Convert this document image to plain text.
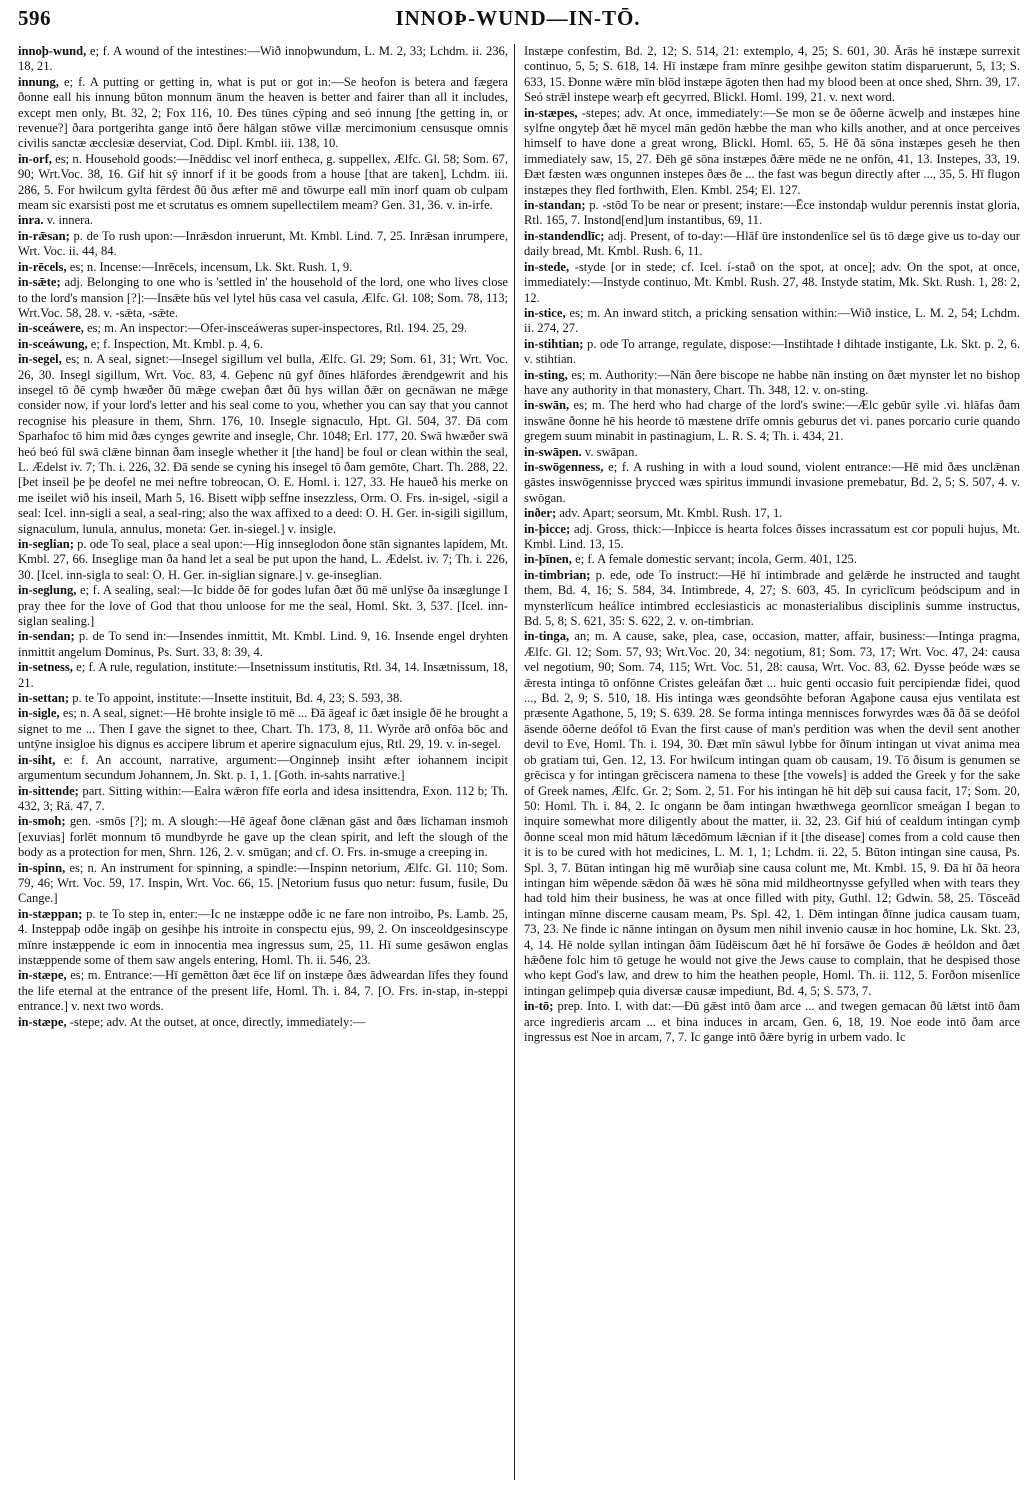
596	INNOÞ-WUND—IN-TŌ.

innoþ-wund, e; f. A wound of the intestines:—Wið innoþwundum, L. M. 2, 33; Lchdm. ii. 236, 18, 21.

innung, e; f. A putting or getting in, what is put or got in:—Se heofon is betera and fægera ðonne eall his innung būton monnum ānum the heaven is better and fairer than all it includes, except men only, Bt. 32, 2; Fox 116, 10. Ðes tūnes cȳping and seó innung [the getting in, or revenue?] ðara portgerihta gange intō ðere hālgan stōwe villæ mercimonium censusque omnis civilis sanctæ æcclesiæ deserviat, Cod. Dipl. Kmbl. iii. 138, 10.

in-orf, es; n. Household goods:—Inēddisc vel inorf entheca, g. suppellex, Ælfc. Gl. 58; Som. 67, 90; Wrt.Voc. 38, 16. Gif hit sȳ innorf if it be goods from a house [that are taken], Lchdm. iii. 286, 5. For hwilcum gylta fērdest ðū ðus æfter mē and tōwurpe eall mīn inorf quam ob culpam meam sic exarsisti post me et scrutatus es omnem supellectilem meam? Gen. 31, 36. v. in-irfe.

inra. v. innera.

in-rǣsan; p. de To rush upon:—Inrǣsdon inruerunt, Mt. Kmbl. Lind. 7, 25. Inrǣsan inrumpere, Wrt. Voc. ii. 44, 84.

in-rēcels, es; n. Incense:—Inrēcels, incensum, Lk. Skt. Rush. 1, 9.

in-sǣte; adj. Belonging to one who is 'settled in' the household of the lord, one who lives close to the lord's mansion [?]:—Insǣte hūs vel lytel hūs casa vel casula, Ælfc. Gl. 108; Som. 78, 113; Wrt.Voc. 58, 28. v. -sǣta, -sǣte.

in-sceáwere, es; m. An inspector:—Ofer-insceáweras super-inspectores, Rtl. 194. 25, 29.

in-sceáwung, e; f. Inspection, Mt. Kmbl. p. 4, 6.

in-segel, es; n. A seal, signet:—Insegel sigillum vel bulla, Ælfc. Gl. 29; Som. 61, 31; Wrt. Voc. 26, 30. Insegl sigillum, Wrt. Voc. 83, 4. Geþenc nū gyf ðīnes hlāfordes ǣrendgewrit and his insegel tō ðē cymþ hwæðer ðū mǣge cweþan ðæt ðū hys willan ðǣr on gecnāwan ne mǣge consider now, if your lord's letter and his seal come to you, whether you can say that you cannot recognise his pleasure in them, Shrn. 176, 10. Insegle signaculo, Hpt. Gl. 504, 37. Ðā com Sparhafoc tō him mid ðæs cynges gewrite and insegle, Chr. 1048; Erl. 177, 20. Swā hwæðer swā heó beó fūl swā clǣne binnan ðam insegle whether it [the hand] be foul or clean within the seal, L. Ædelst iv. 7; Th. i. 226, 32. Ðā sende se cyning his insegel tō ðam gemōte, Chart. Th. 288, 22. [Þet inseil þe þe deofel ne mei neftre tobreocan, O. E. Homl. i. 127, 33. He haueð his merke on me iseilet wið his inseil, Marh 5, 16. Bisett wiþþ seffne insezzless, Orm. O. Frs. in-sigel, -sigil a seal: Icel. inn-sigli a seal, a seal-ring; also the wax affixed to a deed: O. H. Ger. in-sigili sigillum, signaculum, lunula, annulus, moneta: Ger. in-siegel.] v. insigle.

in-seglian; p. ode To seal, place a seal upon:—Hig innseglodon ðone stān signantes lapidem, Mt. Kmbl. 27, 66. Inseglige man ða hand let a seal be put upon the hand, L. Ædelst. iv. 7; Th. i. 226, 30. [Icel. inn-sigla to seal: O. H. Ger. in-siglian signare.] v. ge-inseglian.

in-seglung, e; f. A sealing, seal:—Ic bidde ðē for godes lufan ðæt ðū mē unlȳse ða insæglunge I pray thee for the love of God that thou unloose for me the seal, Homl. Skt. 3, 537. [Icel. inn-siglan sealing.]

in-sendan; p. de To send in:—Insendes inmittit, Mt. Kmbl. Lind. 9, 16. Insende engel dryhten inmittit angelum Dominus, Ps. Surt. 33, 8: 39, 4.

in-setness, e; f. A rule, regulation, institute:—Insetnissum institutis, Rtl. 34, 14. Insætnissum, 18, 21.

in-settan; p. te To appoint, institute:—Insette instituit, Bd. 4, 23; S. 593, 38.

in-sigle, es; n. A seal, signet:—Hē brohte insigle tō mē ... Ðā āgeaf ic ðæt insigle ðē he brought a signet to me ... Then I gave the signet to thee, Chart. Th. 173, 8, 11. Wyrðe arð onfōa bōc and untȳne insigloe his dignus es accipere librum et aperire signaculum ejus, Rtl. 29, 19. v. in-segel.

in-siht, e: f. An account, narrative, argument:—Onginneþ insiht æfter iohannem incipit argumentum secundum Johannem, Jn. Skt. p. 1, 1. [Goth. in-sahts narrative.]

in-sittende; part. Sitting within:—Ealra wǣron fīfe eorla and idesa insittendra, Exon. 112 b; Th. 432, 3; Rä. 47, 7.

in-smoh; gen. -smōs [?]; m. A slough:—Hē āgeaf ðone clǣnan gāst and ðæs līchaman insmoh [exuvias] forlēt monnum tō mundbyrde he gave up the clean spirit, and left the slough of the body as a protection for men, Shrn. 126, 2. v. smūgan; and cf. O. Frs. in-smuge a creeping in.

in-spinn, es; n. An instrument for spinning, a spindle:—Inspinn netorium, Ælfc. Gl. 110; Som. 79, 46; Wrt. Voc. 59, 17. Inspin, Wrt. Voc. 66, 15. [Netorium fusus quo netur: fusum, fusile, Du Cange.]

in-stæppan; p. te To step in, enter:—Ic ne instæppe odðe ic ne fare non introibo, Ps. Lamb. 25, 4. Insteppaþ odðe ingāþ on gesihþe his introite in conspectu ejus, 99, 2. On insceoldgesinscype mīnre instæppende ic eom in innocentia mea ingressus sum, 25, 11. Hī sume gesāwon englas instæppende some of them saw angels entering, Homl. Th. ii. 546, 23.

in-stæpe, es; m. Entrance:—Hī gemētton ðæt ēce līf on instæpe ðæs ādweardan līfes they found the life eternal at the entrance of the present life, Homl. Th. i. 84, 7. [O. Frs. in-stap, in-steppi entrance.] v. next two words.

in-stæpe, -stepe; adv. At the outset, at once, directly, immediately:—

Instæpe confestim, Bd. 2, 12; S. 514, 21: extemplo, 4, 25; S. 601, 30. Ārās hē instæpe surrexit continuo, 5, 5; S. 618, 14. Hī instæpe fram mīnre gesihþe gewiton statim disparuerunt, 5, 13; S. 633, 15. Ðonne wǣre mīn blōd instæpe āgoten then had my blood been at once shed, Shrn. 39, 17. Seó strǣl instepe wearþ eft gecyrred, Blickl. Homl. 199, 21. v. next word.

in-stæpes, -stepes; adv. At once, immediately:—Se mon se ðe ōðerne ācwelþ and instæpes hine sylfne ongyteþ ðæt hē mycel mān gedōn hæbbe the man who kills another, and at once perceives himself to have done a great wrong, Blickl. Homl. 65, 5. Hē ðā sōna instæpes geseh he then immediately saw, 15, 27. Ðēh gē sōna instæpes ðǣre mēde ne ne onfōn, 41, 13. Instepes, 33, 19. Ðæt fæsten wæs ongunnen instepes ðæs ðe ... the fast was begun directly after ..., 35, 5. Hī flugon instæpes they fled forthwith, Elen. Kmbl. 254; El. 127.

in-standan; p. -stōd To be near or present; instare:—Ēce instondaþ wuldur perennis instat gloria, Rtl. 165, 7. Instond[end]um instantibus, 69, 11.

in-standendlīc; adj. Present, of to-day:—Hlāf ūre instondenlīce sel ūs tō dæge give us to-day our daily bread, Mt. Kmbl. Rush. 6, 11.

in-stede, -styde [or in stede; cf. Icel. í-stað on the spot, at once]; adv. On the spot, at once, immediately:—Instyde continuo, Mt. Kmbl. Rush. 27, 48. Instyde statim, Mk. Skt. Rush. 1, 28: 2, 12.

in-stice, es; m. An inward stitch, a pricking sensation within:—Wið instice, L. M. 2, 54; Lchdm. ii. 274, 27.

in-stihtian; p. ode To arrange, regulate, dispose:—Instihtade ɫ dihtade instigante, Lk. Skt. p. 2, 6. v. stihtian.

in-sting, es; m. Authority:—Nān ðere biscope ne habbe nān insting on ðæt mynster let no bishop have any authority in that monastery, Chart. Th. 348, 12. v. on-sting.

in-swān, es; m. The herd who had charge of the lord's swine:—Ælc gebūr sylle .vi. hlāfas ðam inswāne ðonne hē his heorde tō mæstene drīfe omnis geburus det vi. panes porcario curie quando gregem suum minabit in pastinagium, L. R. S. 4; Th. i. 434, 21.

in-swāpen. v. swāpan.

in-swōgenness, e; f. A rushing in with a loud sound, violent entrance:—Hē mid ðæs unclǣnan gāstes inswōgennisse þrycced wæs spiritus immundi invasione premebatur, Bd. 2, 5; S. 507, 4. v. swōgan.

inðer; adv. Apart; seorsum, Mt. Kmbl. Rush. 17, 1.

in-þicce; adj. Gross, thick:—Inþicce is hearta folces ðisses incrassatum est cor populi hujus, Mt. Kmbl. Lind. 13, 15.

in-þīnen, e; f. A female domestic servant; incola, Germ. 401, 125.

in-timbrian; p. ede, ode To instruct:—Hē hī intimbrade and gelǣrde he instructed and taught them, Bd. 4, 16; S. 584, 34. Intimbrede, 4, 27; S. 603, 45. In cyriclīcum þeódscipum and in mynsterlīcum heálīce intimbred ecclesiasticis ac monasterialibus disciplinis summe instructus, Bd. 5, 8; S. 621, 35: S. 622, 2. v. on-timbrian.

in-tinga, an; m. A cause, sake, plea, case, occasion, matter, affair, business:—Intinga pragma, Ælfc. Gl. 12; Som. 57, 93; Wrt.Voc. 20, 34: negotium, 81; Som. 73, 17; Wrt. Voc. 47, 24: causa vel negotium, 90; Som. 74, 115; Wrt. Voc. 51, 28: causa, Wrt. Voc. 83, 62. Ðysse þeóde wæs se ǣresta intinga tō onfōnne Cristes geleáfan ðæt ... huic genti occasio fuit percipiendæ fidei, quod ..., Bd. 2, 9; S. 510, 18. His intinga wæs geondsōhte beforan Agaþone causa ejus ventilata est præsente Agathone, 5, 19; S. 639. 28. Se forma intinga mennisces forwyrdes wæs ðā ðā se deófol āsende ōðerne deófol tō Evan the first cause of man's perdition was when the devil sent another devil to Eve, Homl. Th. i. 194, 30. Ðæt mīn sāwul lybbe for ðīnum intingan ut vivat anima mea ob gratiam tui, Gen. 12, 13. For hwilcum intingan quam ob causam, 19. Tō ðisum is genumen se grēcisca y for intingan grēciscera namena to these [the vowels] is added the Greek y for the sake of Greek names, Ælfc. Gr. 2; Som. 2, 51. For his intingan hē hit dēþ sui causa facit, 17; Som. 20, 50: Homl. Th. i. 84, 2. Ic ongann be ðam intingan hwæthwega geornlīcor smeágan I began to inquire somewhat more diligently about the matter, ii. 32, 23. Gif hiú of cealdum intingan cymþ ðonne sceal mon mid hātum lǣcedōmum lǣcnian if it [the disease] comes from a cold cause then it is to be cured with hot medicines, L. M. 1, 1; Lchdm. ii. 22, 5. Būton intingan sine causa, Ps. Spl. 3, 7. Būtan intingan hig mē wurðiaþ sine causa colunt me, Mt. Kmbl. 15, 9. Ðā hī ðā heora intingan him wēpende sǣdon ðā wæs hē sōna mid mildheortnysse gefylled when with tears they had told him their business, he was at once filled with pity, Guthl. 12; Gdwin. 58, 25. Tōsceād intingan mīnne discerne causam meam, Ps. Spl. 42, 1. Dēm intingan ðīnne judica causam tuam, 73, 23. Ne finde ic nānne intingan on ðysum men nihil invenio causæ in hoc homine, Lk. Skt. 23, 4, 14. Hē nolde syllan intingan ðām Iūdēiscum ðæt hē hī forsāwe ðe Godes ǣ heóldon and ðæt hǣðene folc him tō getuge he would not give the Jews cause to complain, that he despised those who kept God's law, and drew to him the heathen people, Homl. Th. ii. 112, 5. Forðon misenlīce intingan gelimpeþ quia diversæ causæ impediunt, Bd. 4, 5; S. 573, 7.

in-tō; prep. Into. I. with dat:—Ðū gǣst intō ðam arce ... and twegen gemacan ðū lǣtst intō ðam arce ingredieris arcam ... et bina induces in arcam, Gen. 6, 18, 19. Noe eode intō ðam arce ingressus est Noe in arcam, 7, 7. Ic gange intō ðǣre byrig in urbem vado. Ic
